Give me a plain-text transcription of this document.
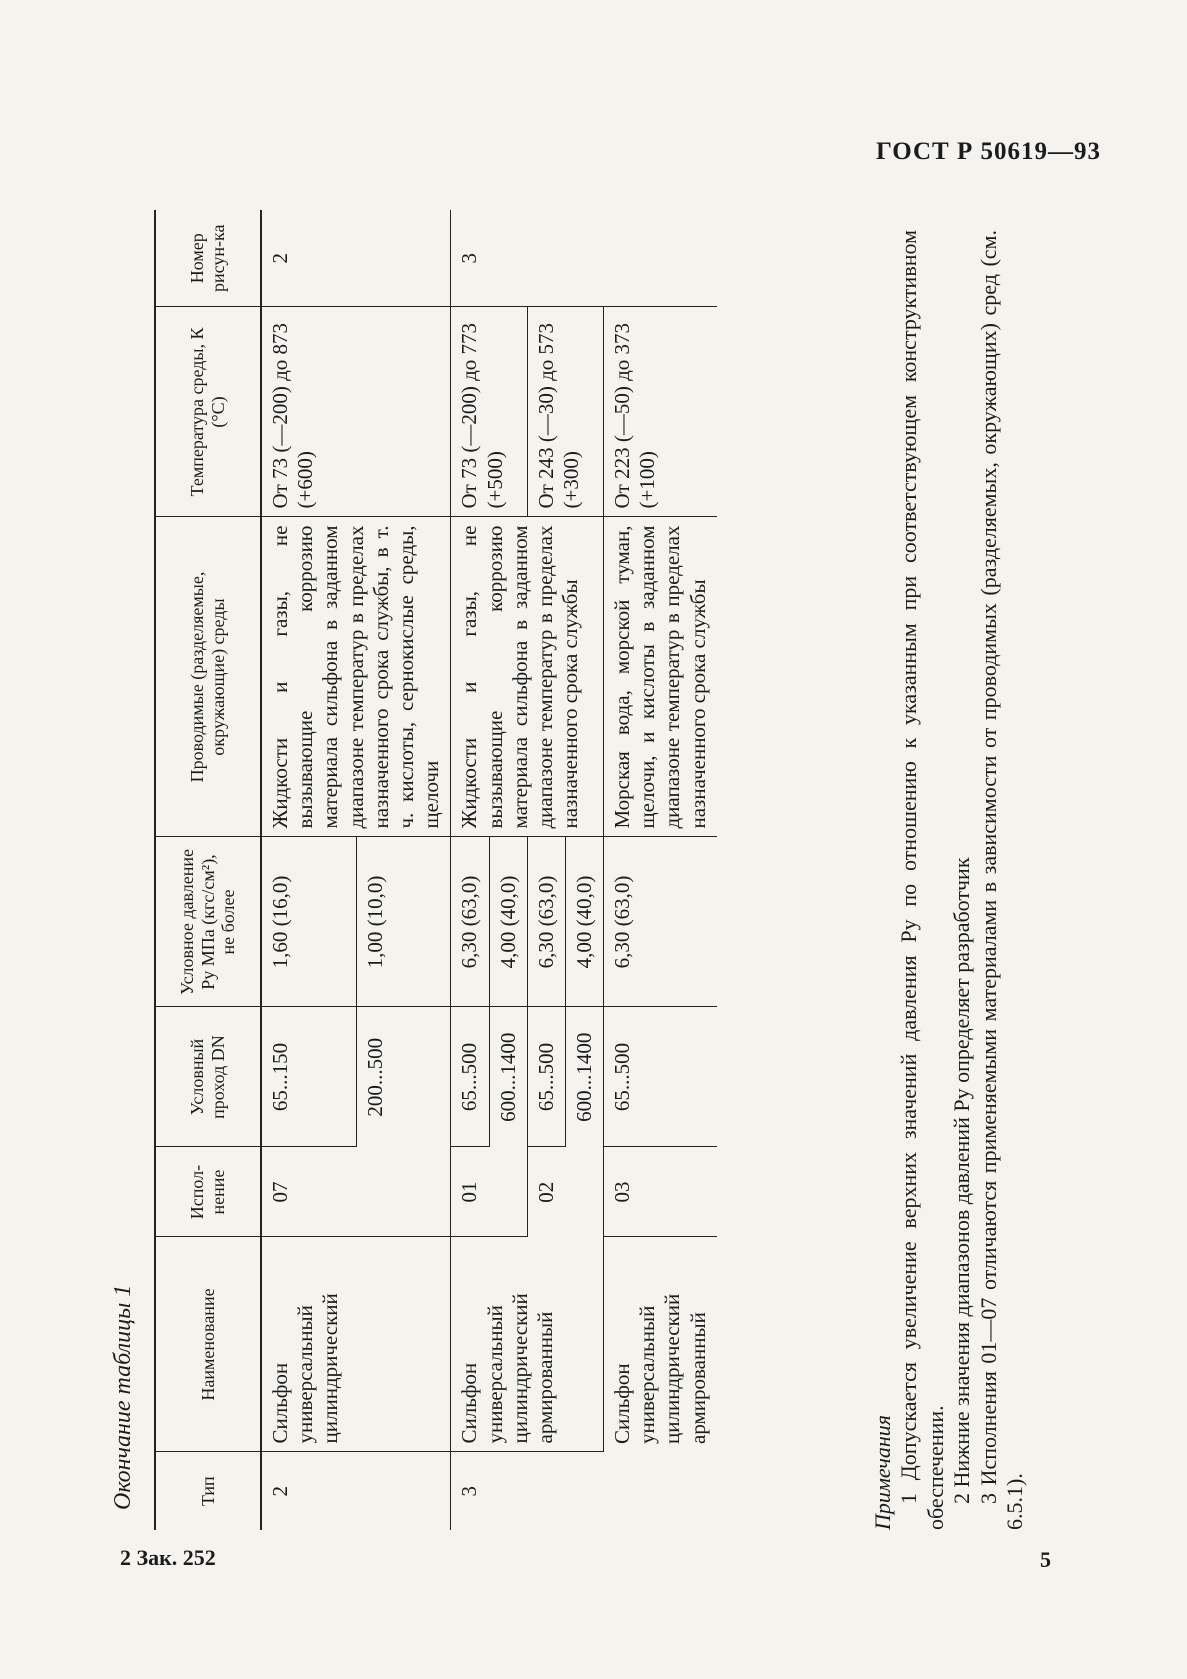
ГОСТ Р 50619—93
2 Зак. 252	5
Окончание таблицы 1	Тип	Наименование	Испол-нение	Условный проход DN	Условное давление Pу МПа (кгс/см²), не более	Проводимые (разделяемые, окружающие) среды	Температура среды, К (°С)	Номер рисун-ка
2	Сильфон универсальный цилиндрический	07	65...150	1,60 (16,0)	Жидкости и газы, не вызывающие коррозию материала сильфона в заданном диапазоне температур в пределах назначенного срока службы, в т. ч. кислоты, сернокислые среды, щелочи	От 73 (—200) до 873 (+600)	2
			200...500	1,00 (10,0)			
3	Сильфон универсальный цилиндрический армированный	01	65...500	6,30 (63,0)	Жидкости и газы, не вызывающие коррозию материала сильфона в заданном диапазоне температур в пределах назначенного срока службы	От 73 (—200) до 773 (+500)	3
			600...1400	4,00 (40,0)			
		02	65...500	6,30 (63,0)		От 243 (—30) до 573 (+300)	
			600...1400	4,00 (40,0)			
	Сильфон универсальный цилиндрический армированный	03	65...500	6,30 (63,0)	Морская вода, морской туман, щелочи, и кислоты в заданном диапазоне температур в пределах назначенного срока службы	От 223 (—50) до 373 (+100)	

Примечания 1 Допускается увеличение верхних значений давления Pу по отношению к указанным при соответствующем конструктивном обеспечении. 2 Нижние значения диапазонов давлений Pу определяет разработчик 3 Исполнения 01—07 отличаются применяемыми материалами в зависимости от проводимых (разделяемых, окружающих) сред (см. 6.5.1).
